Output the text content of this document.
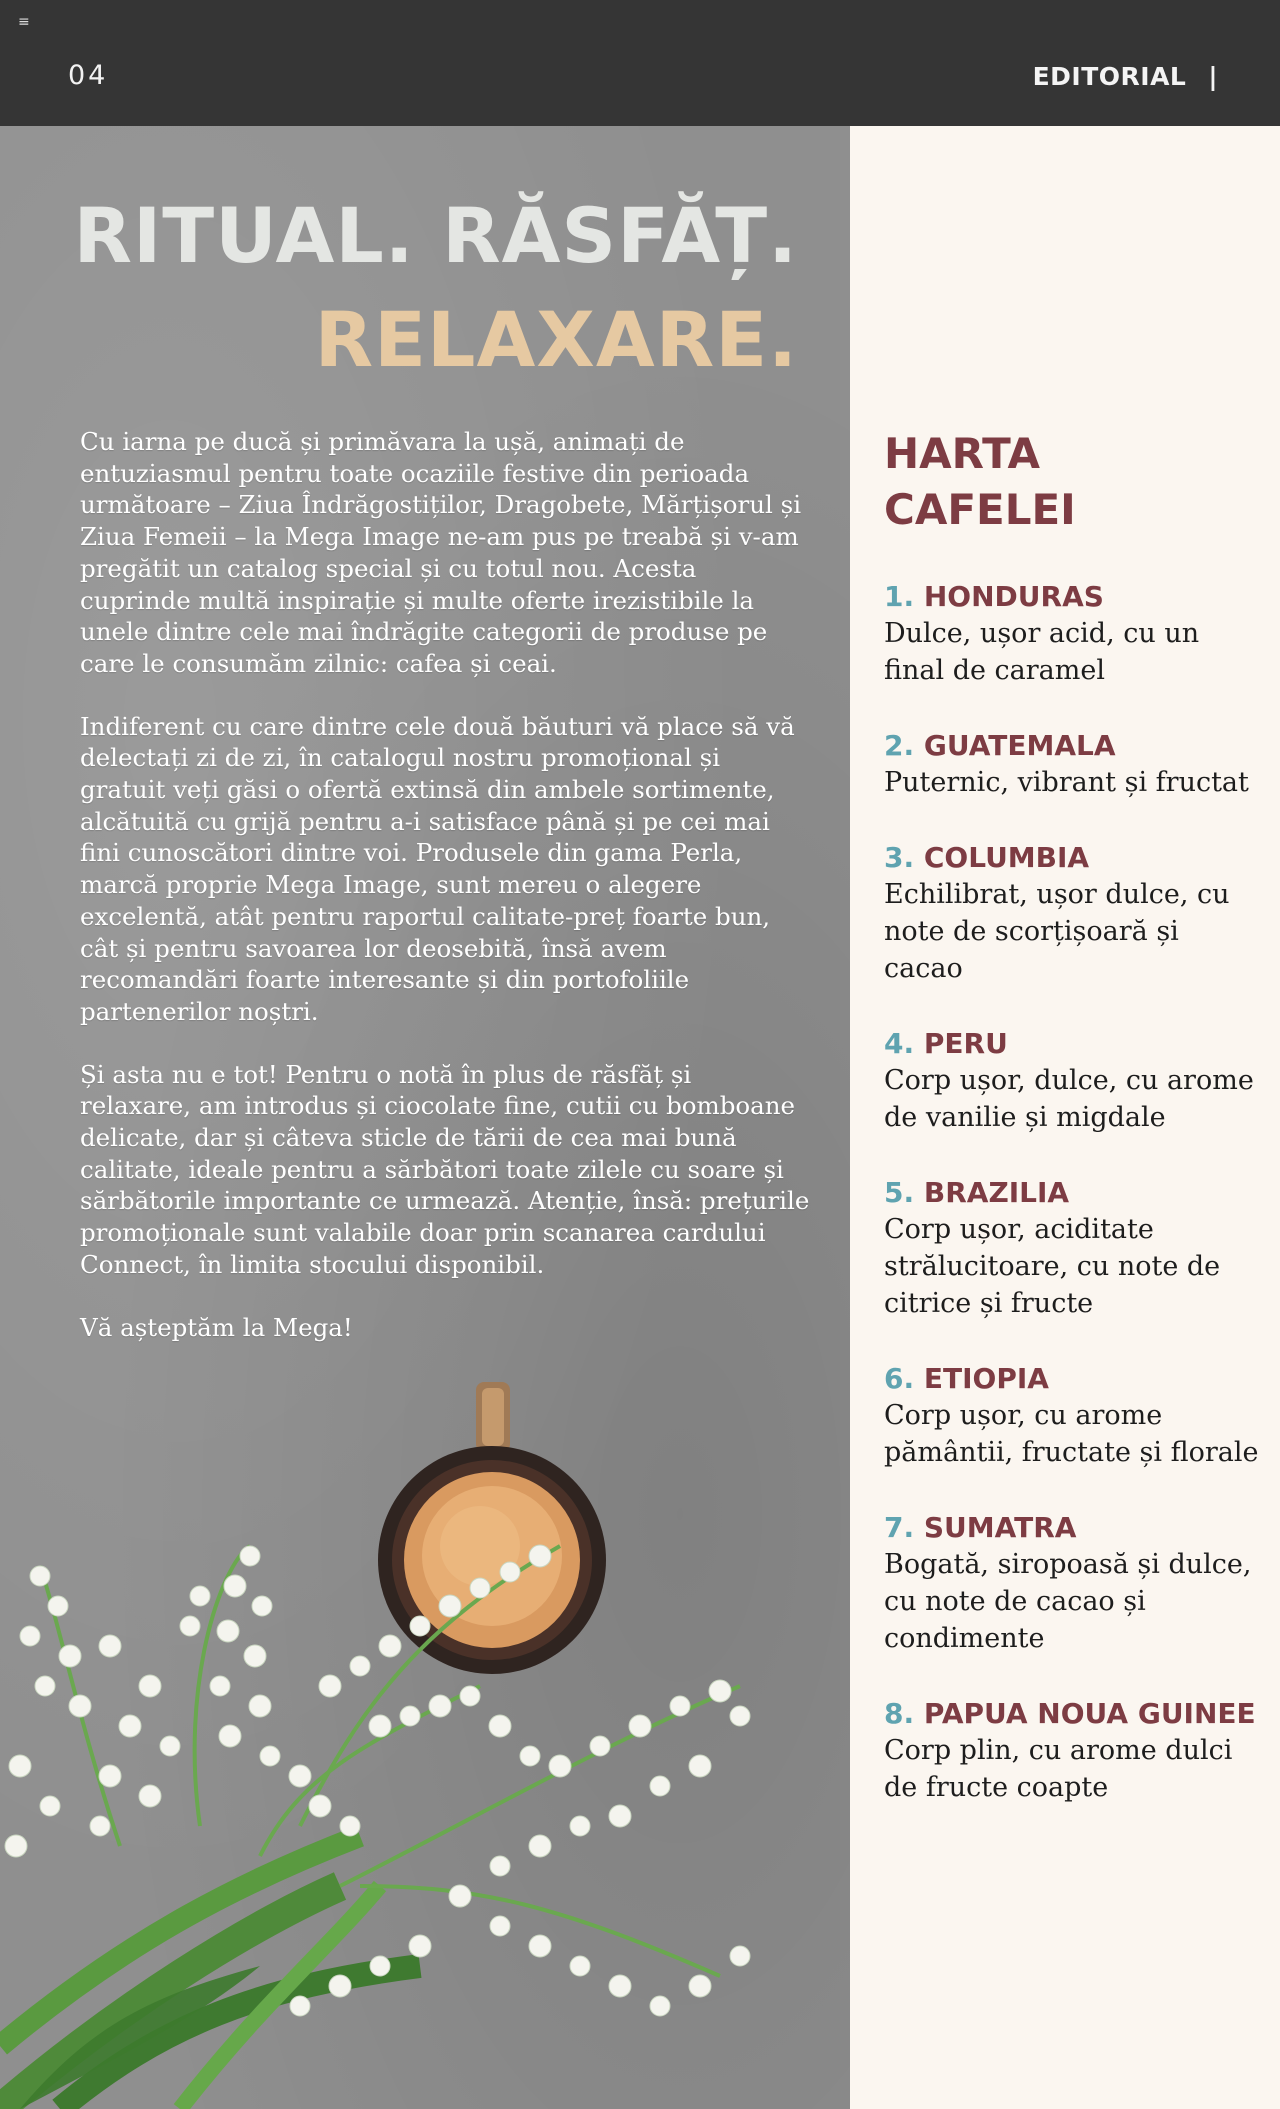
≡
04	EDITORIAL |
RITUAL. RĂSFĂȚ.
RELAXARE.

Cu iarna pe ducă și primăvara la ușă, animați de entuziasmul pentru toate ocaziile festive din perioada următoare – Ziua Îndrăgostiților, Dragobete, Mărțișorul și Ziua Femeii – la Mega Image ne-am pus pe treabă și v-am pregătit un catalog special și cu totul nou. Acesta cuprinde multă inspirație și multe oferte irezistibile la unele dintre cele mai îndrăgite categorii de produse pe care le consumăm zilnic: cafea și ceai.

Indiferent cu care dintre cele două băuturi vă place să vă delectați zi de zi, în catalogul nostru promoțional și gratuit veți găsi o ofertă extinsă din ambele sortimente, alcătuită cu grijă pentru a-i satisface până și pe cei mai fini cunoscători dintre voi. Produsele din gama Perla, marcă proprie Mega Image, sunt mereu o alegere excelentă, atât pentru raportul calitate-preț foarte bun, cât și pentru savoarea lor deosebită, însă avem recomandări foarte interesante și din portofoliile partenerilor noștri.

Și asta nu e tot! Pentru o notă în plus de răsfăț și relaxare, am introdus și ciocolate fine, cutii cu bomboane delicate, dar și câteva sticle de tării de cea mai bună calitate, ideale pentru a sărbători toate zilele cu soare și sărbătorile importante ce urmează. Atenție, însă: prețurile promoționale sunt valabile doar prin scanarea cardului Connect, în limita stocului disponibil.

Vă așteptăm la Mega!

HARTA
CAFELEI
1. HONDURAS
Dulce, ușor acid, cu un final de caramel
2. GUATEMALA
Puternic, vibrant și fructat
3. COLUMBIA
Echilibrat, ușor dulce, cu note de scorțișoară și cacao
4. PERU
Corp ușor, dulce, cu arome de vanilie și migdale
5. BRAZILIA
Corp ușor, aciditate strălucitoare, cu note de citrice și fructe
6. ETIOPIA
Corp ușor, cu arome pământii, fructate și florale
7. SUMATRA
Bogată, siropoasă și dulce, cu note de cacao și condimente
8. PAPUA NOUA GUINEE
Corp plin, cu arome dulci de fructe coapte
